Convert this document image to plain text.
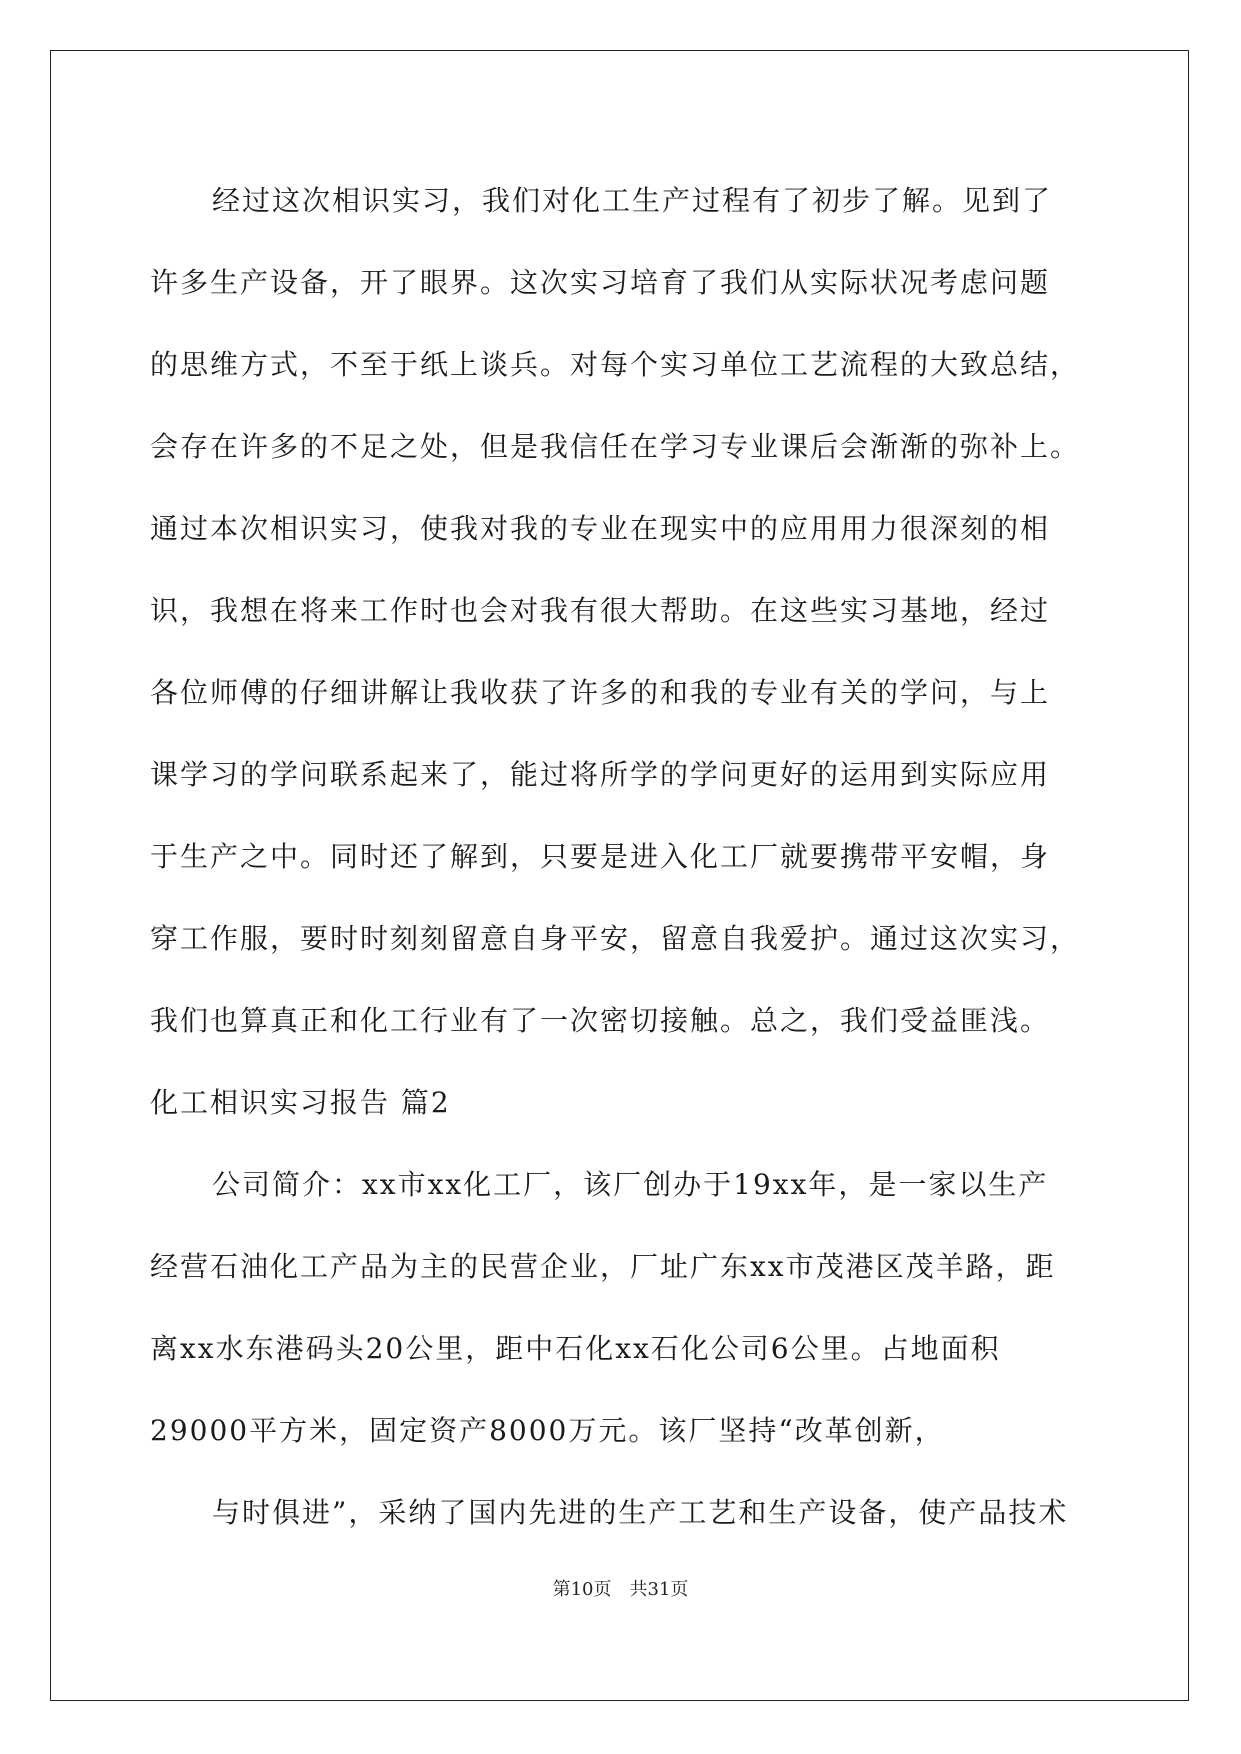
经过这次相识实习，我们对化工生产过程有了初步了解。见到了
许多生产设备，开了眼界。这次实习培育了我们从实际状况考虑问题
的思维方式，不至于纸上谈兵。对每个实习单位工艺流程的大致总结，
会存在许多的不足之处，但是我信任在学习专业课后会渐渐的弥补上。
通过本次相识实习，使我对我的专业在现实中的应用用力很深刻的相
识，我想在将来工作时也会对我有很大帮助。在这些实习基地，经过
各位师傅的仔细讲解让我收获了许多的和我的专业有关的学问，与上
课学习的学问联系起来了，能过将所学的学问更好的运用到实际应用
于生产之中。同时还了解到，只要是进入化工厂就要携带平安帽，身
穿工作服，要时时刻刻留意自身平安，留意自我爱护。通过这次实习，
我们也算真正和化工行业有了一次密切接触。总之，我们受益匪浅。
化工相识实习报告 篇2
公司简介：xx市xx化工厂，该厂创办于19xx年，是一家以生产
经营石油化工产品为主的民营企业，厂址广东xx市茂港区茂羊路，距
离xx水东港码头20公里，距中石化xx石化公司6公里。占地面积
29000平方米，固定资产8000万元。该厂坚持“改革创新，
与时俱进”，采纳了国内先进的生产工艺和生产设备，使产品技术
第10页　共31页
